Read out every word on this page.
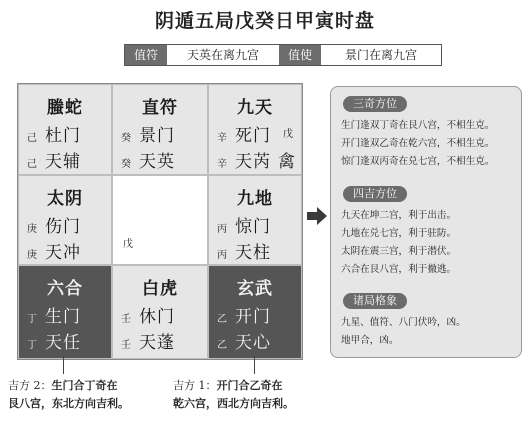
阴遁五局戊癸日甲寅时盘
值符	天英在离九宫	值使	景门在离九宫
螣蛇
己 杜门
己 天辅
直符
癸 景门
癸 天英
九天
辛 死门 戊
辛 天芮 禽
太阴
庚 伤门
庚 天冲	戊
九地
丙 惊门
丙 天柱
六合
丁 生门
丁 天任
白虎
壬 休门
壬 天蓬
玄武
乙 开门
乙 天心
三奇方位
生门逢双丁奇在艮八宫，不相生克。
开门逢双乙奇在乾六宫，不相生克。
惊门逢双丙奇在兑七宫，不相生克。
四吉方位
九天在坤二宫，利于出击。
九地在兑七宫，利于驻防。
太阴在震三宫，利于潜伏。
六合在艮八宫，利于撤逃。
诸局格象
九星、值符、八门伏吟，凶。
地甲合，凶。
吉方 2：生门合丁奇在
艮八宫，东北方向吉利。
吉方 1：开门合乙奇在
乾六宫，西北方向吉利。
